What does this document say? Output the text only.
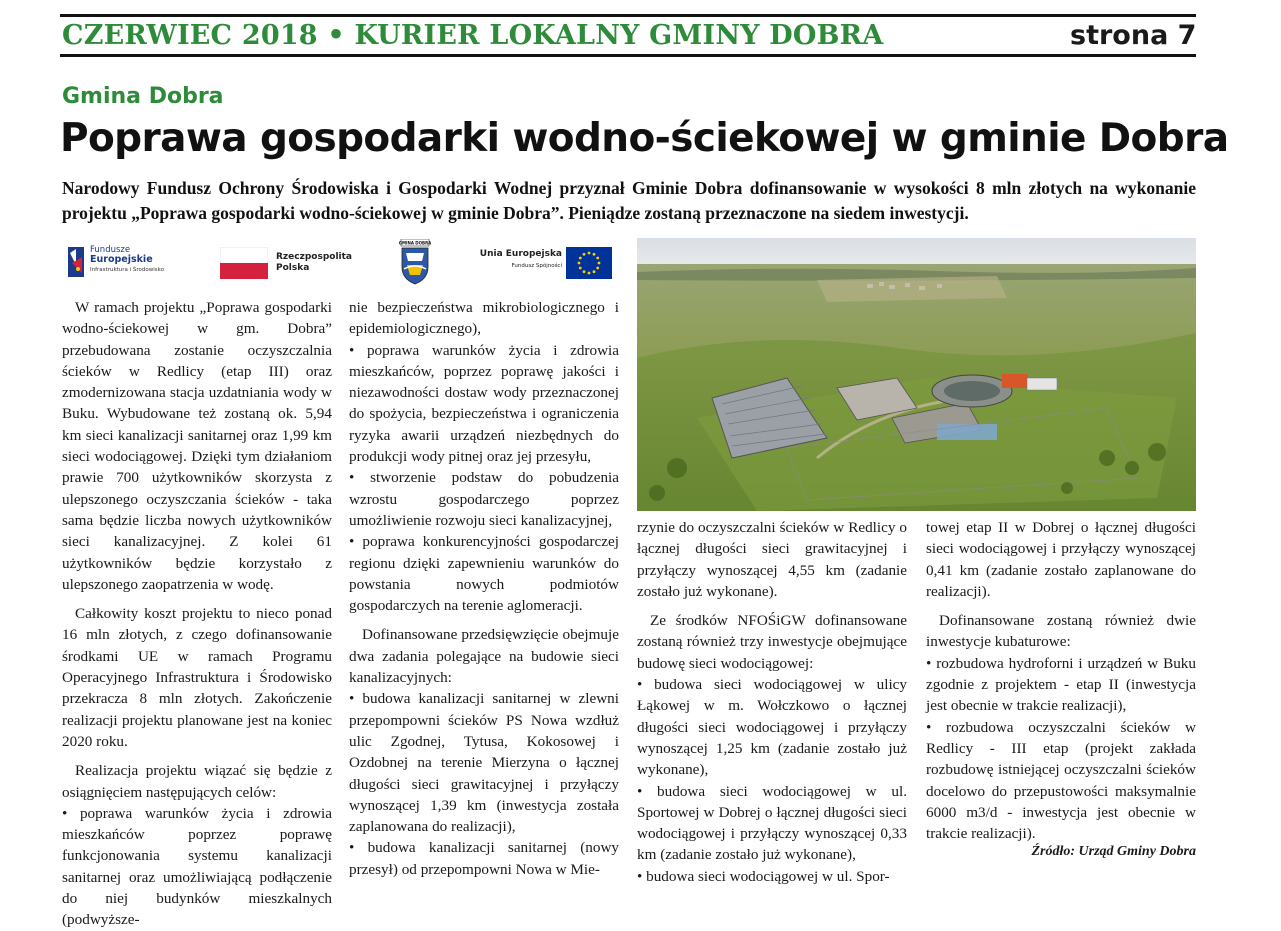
CZERWIEC 2018 • KURIER LOKALNY GMINY DOBRA	strona 7
Gmina Dobra
Poprawa gospodarki wodno-ściekowej w gminie Dobra
Narodowy Fundusz Ochrony Środowiska i Gospodarki Wodnej przyznał Gminie Dobra dofinansowanie w wysokości 8 mln złotych na wykonanie projektu „Poprawa gospodarki wodno-ściekowej w gminie Dobra”. Pieniądze zostaną przeznaczone na siedem inwestycji.
Fundusze
Europejskie
Infrastruktura i Środowisko
Rzeczpospolita
Polska
GMINA DOBRA
Unia Europejska
Fundusz Spójności

W ramach projektu „Poprawa gospodarki wodno-ściekowej w gm. Dobra” przebudowana zostanie oczyszczalnia ścieków w Redlicy (etap III) oraz zmodernizowana stacja uzdatniania wody w Buku. Wybudowane też zostaną ok. 5,94 km sieci kanalizacji sanitarnej oraz 1,99 km sieci wodociągowej. Dzięki tym działaniom prawie 700 użytkowników skorzysta z ulepszonego oczyszczania ścieków - taka sama będzie liczba nowych użytkowników sieci kanalizacyjnej. Z kolei 61 użytkowników będzie korzystało z ulepszonego zaopatrzenia w wodę.

Całkowity koszt projektu to nieco ponad 16 mln złotych, z czego dofinansowanie środkami UE w ramach Programu Operacyjnego Infrastruktura i Środowisko przekracza 8 mln złotych. Zakończenie realizacji projektu planowane jest na koniec 2020 roku.

Realizacja projektu wiązać się będzie z osiągnięciem następujących celów:

• poprawa warunków życia i zdrowia mieszkańców poprzez poprawę funkcjonowania systemu kanalizacji sanitarnej oraz umożliwiającą podłączenie do niej budynków mieszkalnych (podwyższe-

nie bezpieczeństwa mikrobiologicznego i epidemiologicznego),

• poprawa warunków życia i zdrowia mieszkańców, poprzez poprawę jakości i niezawodności dostaw wody przeznaczonej do spożycia, bezpieczeństwa i ograniczenia ryzyka awarii urządzeń niezbędnych do produkcji wody pitnej oraz jej przesyłu,

• stworzenie podstaw do pobudzenia wzrostu gospodarczego poprzez umożliwienie rozwoju sieci kanalizacyjnej,

• poprawa konkurencyjności gospodarczej regionu dzięki zapewnieniu warunków do powstania nowych podmiotów gospodarczych na terenie aglomeracji.

Dofinansowane przedsięwzięcie obejmuje dwa zadania polegające na budowie sieci kanalizacyjnych:

• budowa kanalizacji sanitarnej w zlewni przepompowni ścieków PS Nowa wzdłuż ulic Zgodnej, Tytusa, Kokosowej i Ozdobnej na terenie Mierzyna o łącznej długości sieci grawitacyjnej i przyłączy wynoszącej 1,39 km (inwestycja została zaplanowana do realizacji),

• budowa kanalizacji sanitarnej (nowy przesył) od przepompowni Nowa w Mie-

rzynie do oczyszczalni ścieków w Redlicy o łącznej długości sieci grawitacyjnej i przyłączy wynoszącej 4,55 km (zadanie zostało już wykonane).

Ze środków NFOŚiGW dofinansowane zostaną również trzy inwestycje obejmujące budowę sieci wodociągowej:

• budowa sieci wodociągowej w ulicy Łąkowej w m. Wołczkowo o łącznej długości sieci wodociągowej i przyłączy wynoszącej 1,25 km (zadanie zostało już wykonane),

• budowa sieci wodociągowej w ul. Sportowej w Dobrej o łącznej długości sieci wodociągowej i przyłączy wynoszącej 0,33 km (zadanie zostało już wykonane),

• budowa sieci wodociągowej w ul. Spor-

towej etap II w Dobrej o łącznej długości sieci wodociągowej i przyłączy wynoszącej 0,41 km (zadanie zostało zaplanowane do realizacji).

Dofinansowane zostaną również dwie inwestycje kubaturowe:

• rozbudowa hydroforni i urządzeń w Buku zgodnie z projektem - etap II (inwestycja jest obecnie w trakcie realizacji),

• rozbudowa oczyszczalni ścieków w Redlicy - III etap (projekt zakłada rozbudowę istniejącej oczyszczalni ścieków docelowo do przepustowości maksymalnie 6000 m3/d - inwestycja jest obecnie w trakcie realizacji).

Źródło: Urząd Gminy Dobra
